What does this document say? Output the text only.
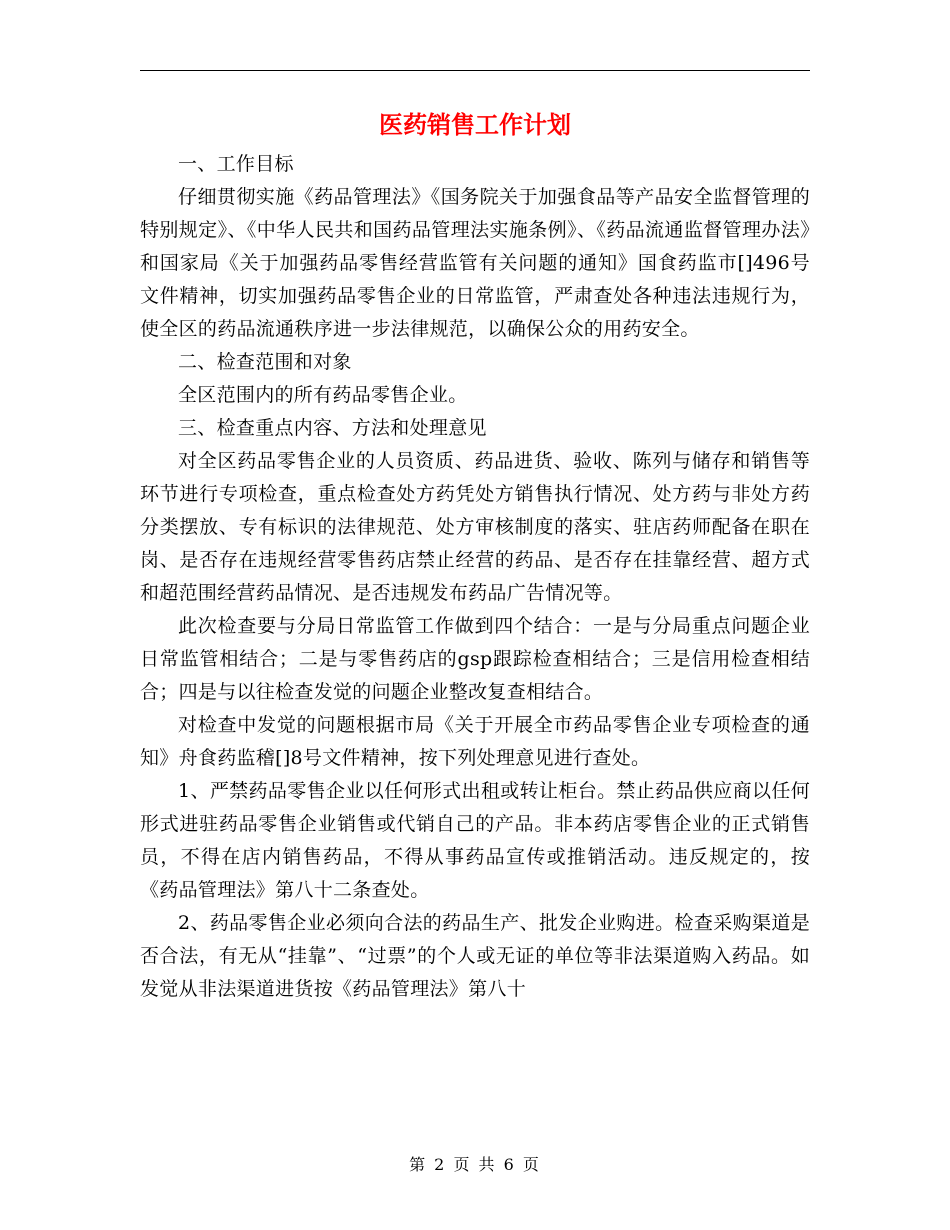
医药销售工作计划

一、工作目标

仔细贯彻实施《药品管理法》《国务院关于加强食品等产品安全监督管理的特别规定》、《中华人民共和国药品管理法实施条例》、《药品流通监督管理办法》和国家局《关于加强药品零售经营监管有关问题的通知》国食药监市[]496号文件精神，切实加强药品零售企业的日常监管，严肃查处各种违法违规行为，使全区的药品流通秩序进一步法律规范，以确保公众的用药安全。

二、检查范围和对象

全区范围内的所有药品零售企业。

三、检查重点内容、方法和处理意见

对全区药品零售企业的人员资质、药品进货、验收、陈列与储存和销售等环节进行专项检查，重点检查处方药凭处方销售执行情况、处方药与非处方药分类摆放、专有标识的法律规范、处方审核制度的落实、驻店药师配备在职在岗、是否存在违规经营零售药店禁止经营的药品、是否存在挂靠经营、超方式和超范围经营药品情况、是否违规发布药品广告情况等。

此次检查要与分局日常监管工作做到四个结合：一是与分局重点问题企业日常监管相结合；二是与零售药店的gsp跟踪检查相结合；三是信用检查相结合；四是与以往检查发觉的问题企业整改复查相结合。

对检查中发觉的问题根据市局《关于开展全市药品零售企业专项检查的通知》舟食药监稽[]8号文件精神，按下列处理意见进行查处。

1、严禁药品零售企业以任何形式出租或转让柜台。禁止药品供应商以任何形式进驻药品零售企业销售或代销自己的产品。非本药店零售企业的正式销售员，不得在店内销售药品，不得从事药品宣传或推销活动。违反规定的，按《药品管理法》第八十二条查处。

2、药品零售企业必须向合法的药品生产、批发企业购进。检查采购渠道是否合法，有无从“挂靠”、“过票”的个人或无证的单位等非法渠道购入药品。如发觉从非法渠道进货按《药品管理法》第八十

第 2 页 共 6 页
